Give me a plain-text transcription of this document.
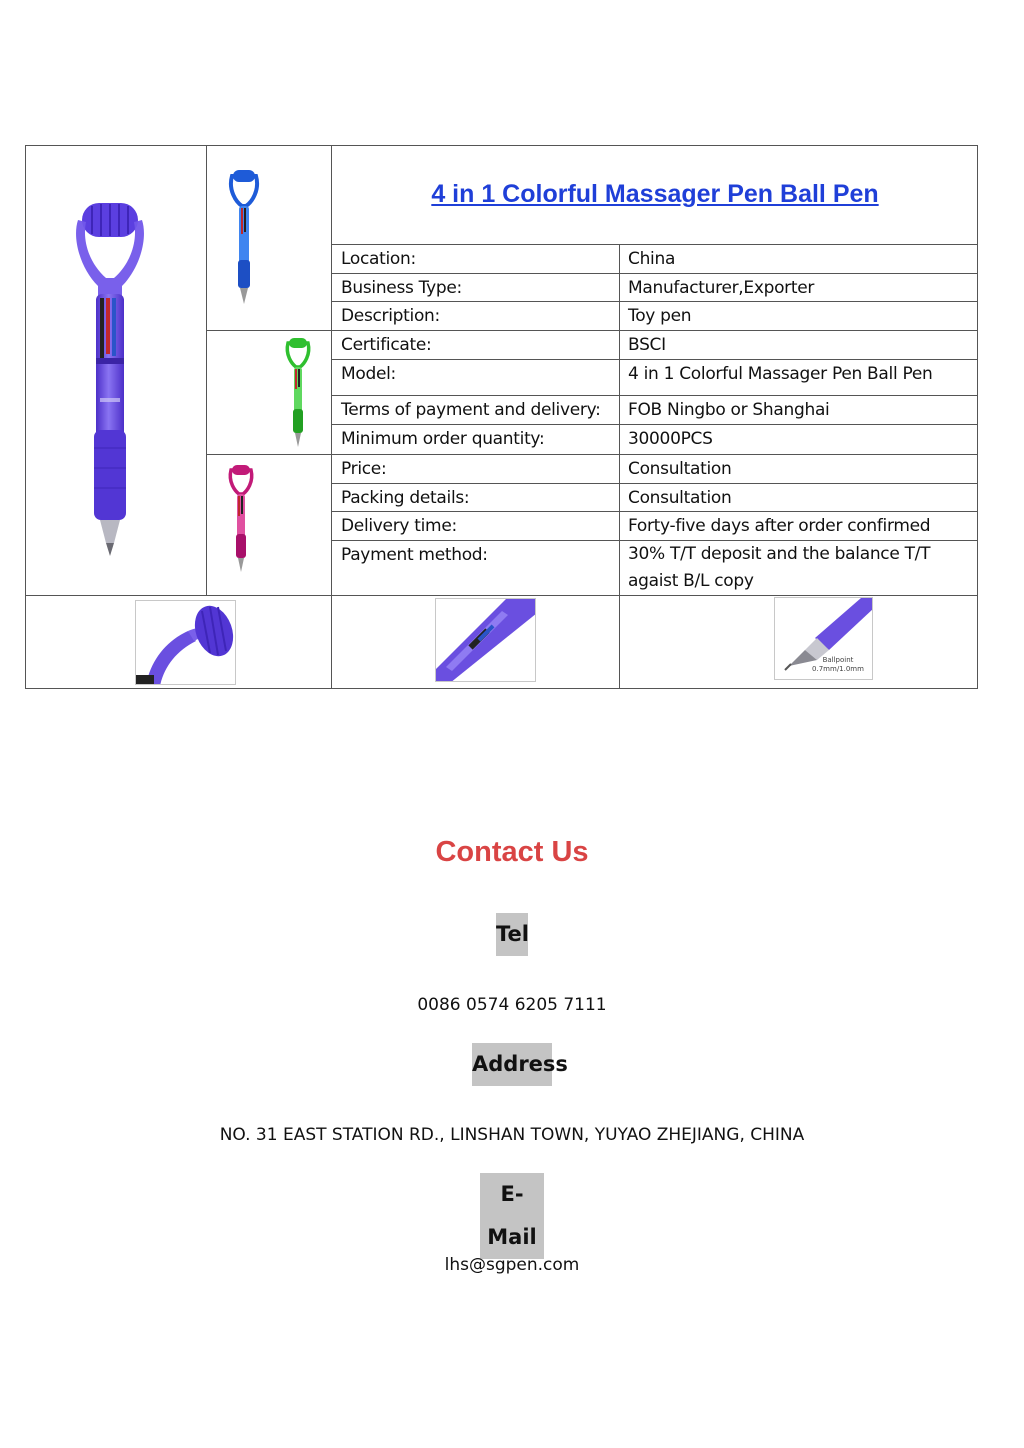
4 in 1 Colorful Massager Pen Ball Pen
Location:	China
Business Type:	Manufacturer,Exporter
Description:	Toy pen
Certificate:	BSCI
Model:	4 in 1 Colorful Massager Pen Ball Pen
Terms of payment and delivery: FOB Ningbo or Shanghai
Minimum order quantity:	30000PCS
Price:	Consultation
Packing details:	Consultation
Delivery time:	Forty-five days after order confirmed
Payment method:	30% T/T deposit and the balance T/T agaist B/L copy
Ballpoint
0.7mm/1.0mm
Contact Us
Tel
0086 0574 6205 7111
Address
NO. 31 EAST STATION RD., LINSHAN TOWN, YUYAO ZHEJIANG, CHINA
E-Mail
lhs@sgpen.com
